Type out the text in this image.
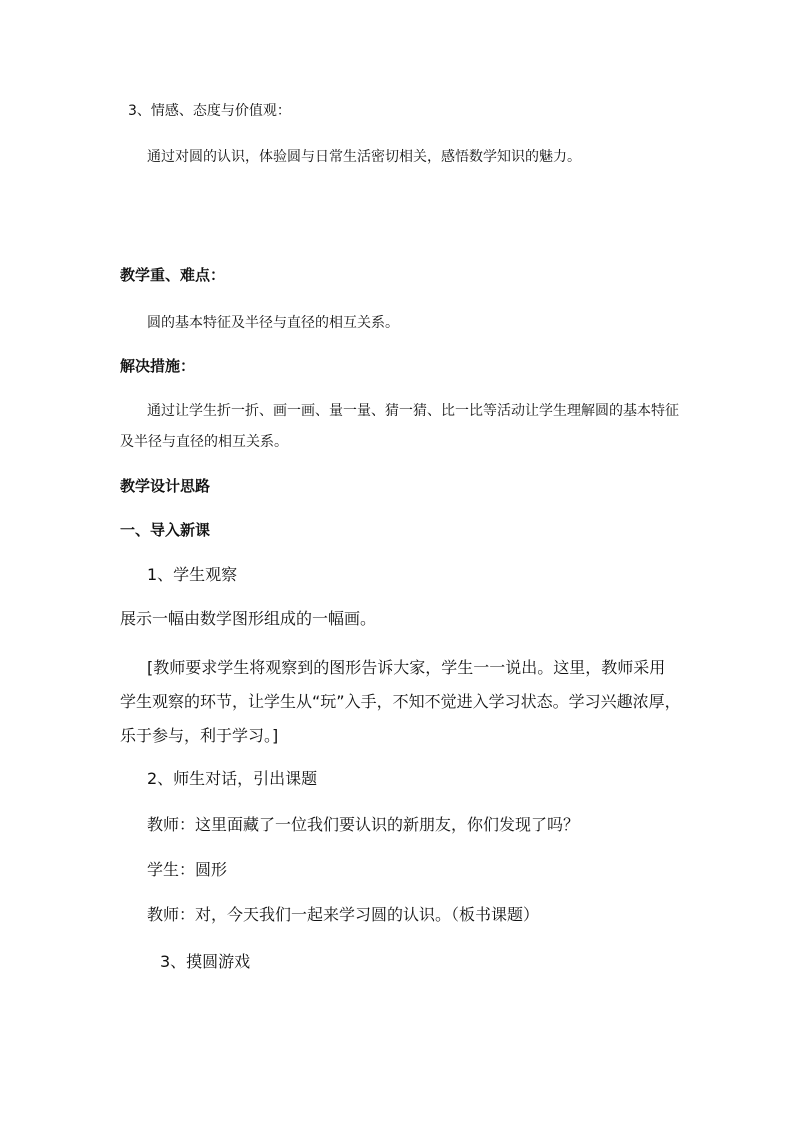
3、情感、态度与价值观：
通过对圆的认识，体验圆与日常生活密切相关，感悟数学知识的魅力。
教学重、难点：
圆的基本特征及半径与直径的相互关系。
解决措施：
通过让学生折一折、画一画、量一量、猜一猜、比一比等活动让学生理解圆的基本特征
及半径与直径的相互关系。
教学设计思路
一、导入新课
1、学生观察
展示一幅由数学图形组成的一幅画。
[教师要求学生将观察到的图形告诉大家，学生一一说出。这里，教师采用
学生观察的环节，让学生从“玩”入手，不知不觉进入学习状态。学习兴趣浓厚，
乐于参与，利于学习。]
2、师生对话，引出课题
教师：这里面藏了一位我们要认识的新朋友，你们发现了吗？
学生：圆形
教师：对，今天我们一起来学习圆的认识。（板书课题）
3、摸圆游戏
